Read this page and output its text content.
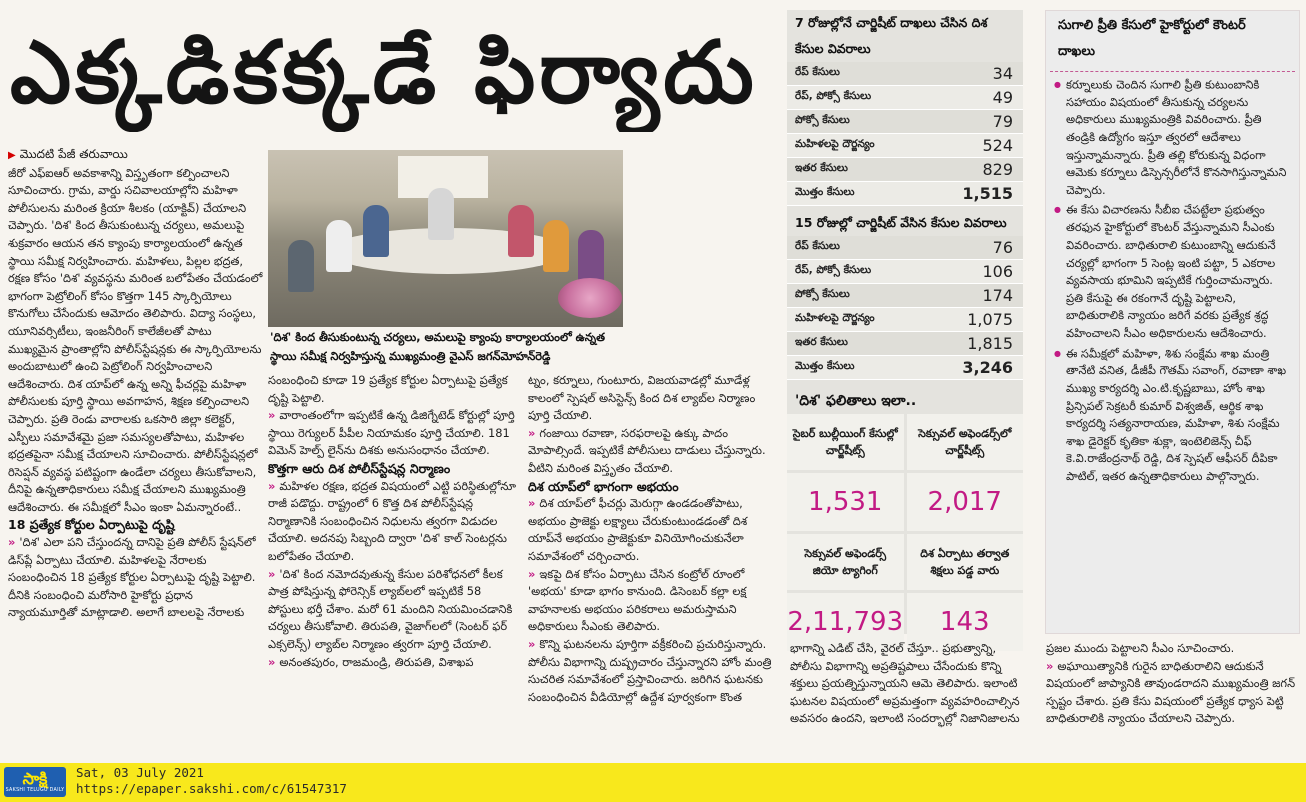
ఎక్కడికక్కడే ఫిర్యాదు

▶ మొదటి పేజీ తరువాయి

జీరో ఎఫ్ఐఆర్ అవకాశాన్ని విస్తృతంగా కల్పించాలని సూచించారు. గ్రామ, వార్డు సచివాలయాల్లోని మహిళా పోలీసులను మరింత క్రియా శీలకం (యాక్టివ్) చేయాలని చెప్పారు. 'దిశ' కింద తీసుకుంటున్న చర్యలు, అమలుపై శుక్రవారం ఆయన తన క్యాంపు కార్యాలయంలో ఉన్నత స్థాయి సమీక్ష నిర్వహించారు. మహిళలు, పిల్లల భద్రత, రక్షణ కోసం 'దిశ' వ్యవస్థను మరింత బలోపేతం చేయడంలో భాగంగా పెట్రోలింగ్ కోసం కొత్తగా 145 స్కార్పియోలు కొనుగోలు చేసేందుకు ఆమోదం తెలిపారు. విద్యా సంస్థలు, యూనివర్సిటీలు, ఇంజనీరింగ్ కాలేజీలతో పాటు ముఖ్యమైన ప్రాంతాల్లోని పోలీస్‌స్టేషన్లకు ఈ స్కార్పియోలను అందుబాటులో ఉంచి పెట్రోలింగ్ నిర్వహించాలని ఆదేశించారు. దిశ యాప్‌లో ఉన్న అన్ని ఫీచర్లపై మహిళా పోలీసులకు పూర్తి స్థాయి అవగాహన, శిక్షణ కల్పించాలని చెప్పారు. ప్రతి రెండు వారాలకు ఒకసారి జిల్లా కలెక్టర్, ఎస్పీలు సమావేశమై ప్రజా సమస్యలతోపాటు, మహిళల భద్రతపైనా సమీక్ష చేయాలని సూచించారు. పోలీస్‌స్టేషన్లలో రిసెప్షన్ వ్యవస్థ పటిష్టంగా ఉండేలా చర్యలు తీసుకోవాలని, దీనిపై ఉన్నతాధికారులు సమీక్ష చేయాలని ముఖ్యమంత్రి ఆదేశించారు. ఈ సమీక్షలో సీఎం ఇంకా ఏమన్నారంటే..

18 ప్రత్యేక కోర్టుల ఏర్పాటుపై దృష్టి

» 'దిశ' ఎలా పని చేస్తుందన్న దానిపై ప్రతి పోలీస్ స్టేషన్‌లో డిస్‌ప్లే ఏర్పాటు చేయాలి. మహిళలపై నేరాలకు సంబంధించిన 18 ప్రత్యేక కోర్టుల ఏర్పాటుపై దృష్టి పెట్టాలి. దీనికి సంబంధించి మరోసారి హైకోర్టు ప్రధాన న్యాయమూర్తితో మాట్లాడాలి. అలాగే బాలలపై నేరాలకు

'దిశ' కింద తీసుకుంటున్న చర్యలు, అమలుపై క్యాంపు కార్యాలయంలో ఉన్నత స్థాయి సమీక్ష నిర్వహిస్తున్న ముఖ్యమంత్రి వైఎస్ జగన్‌మోహన్‌రెడ్డి

సంబంధించి కూడా 19 ప్రత్యేక కోర్టుల ఏర్పాటుపై ప్రత్యేక దృష్టి పెట్టాలి.

» వారాంతంలోగా ఇప్పటికే ఉన్న డిజిగ్నేటెడ్ కోర్టుల్లో పూర్తి స్థాయి రెగ్యులర్ పీపీల నియామకం పూర్తి చేయాలి. 181 విమెన్ హెల్ప్ లైన్‌ను దిశకు అనుసంధానం చేయాలి.

కొత్తగా ఆరు దిశ పోలీస్‌స్టేషన్ల నిర్మాణం

» మహిళల రక్షణ, భద్రత విషయంలో ఎట్టి పరిస్థితుల్లోనూ రాజీ పడొద్దు. రాష్ట్రంలో 6 కొత్త దిశ పోలీస్‌స్టేషన్ల నిర్మాణానికి సంబంధించిన నిధులను త్వరగా విడుదల చేయాలి. అదనపు సిబ్బంది ద్వారా 'దిశ' కాల్ సెంటర్లను బలోపేతం చేయాలి.

» 'దిశ' కింద నమోదవుతున్న కేసుల పరిశోధనలో కీలక పాత్ర పోషిస్తున్న ఫోరెన్సిక్ ల్యాబ్‌లలో ఇప్పటికే 58 పోస్టులు భర్తీ చేశాం. మరో 61 మందిని నియమించడానికి చర్యలు తీసుకోవాలి. తిరుపతి, వైజాగ్‌లలో (సెంటర్ ఫర్ ఎక్సలెన్స్) ల్యాబ్‌ల నిర్మాణం త్వరగా పూర్తి చేయాలి.

» అనంతపురం, రాజమండ్రి, తిరుపతి, విశాఖప

ట్నం, కర్నూలు, గుంటూరు, విజయవాడల్లో మూడేళ్ల కాలంలో స్పెషల్ అసిస్టెన్స్ కింద దిశ ల్యాబ్‌ల నిర్మాణం పూర్తి చేయాలి.

» గంజాయి రవాణా, సరఫరాలపై ఉక్కు పాదం మోపాల్సిందే. ఇప్పటికే పోలీసులు దాడులు చేస్తున్నారు. వీటిని మరింత విస్తృతం చేయాలి.

దిశ యాప్‌లో భాగంగా అభయం

» దిశ యాప్‌లో ఫీచర్లు మెరుగ్గా ఉండడంతోపాటు, అభయం ప్రాజెక్టు లక్ష్యాలు చేరుకుంటుండడంతో దిశ యాప్‌నే అభయం ప్రాజెక్టుకూ వినియోగించుకునేలా సమావేశంలో చర్చించారు.

» ఇకపై దిశ కోసం ఏర్పాటు చేసిన కంట్రోల్ రూంలో 'అభయ' కూడా భాగం కానుంది. డిసెంబర్ కల్లా లక్ష వాహనాలకు అభయం పరికరాలు అమరుస్తామని అధికారులు సీఎంకు తెలిపారు.

» కొన్ని ఘటనలను పూర్తిగా వక్రీకరించి ప్రచురిస్తున్నారు. పోలీసు విభాగాన్ని దుష్ప్రచారం చేస్తున్నారని హోం మంత్రి సుచరిత సమావేశంలో ప్రస్తావించారు. జరిగిన ఘటనకు సంబంధించిన వీడియోల్లో ఉద్దేశ పూర్వకంగా కొంత

7 రోజుల్లోనే చార్జిషీట్ దాఖలు చేసిన దిశ కేసుల వివరాలు
రేప్ కేసులు	34
రేప్, పోక్సో కేసులు	49
పోక్సో కేసులు	79
మహిళలపై దౌర్జన్యం	524
ఇతర కేసులు	829
మొత్తం కేసులు	1,515
15 రోజుల్లో చార్జిషీట్ వేసిన కేసుల వివరాలు
రేప్ కేసులు	76
రేప్, పోక్సో కేసులు	106
పోక్సో కేసులు	174
మహిళలపై దౌర్జన్యం	1,075
ఇతర కేసులు	1,815
మొత్తం కేసులు	3,246
'దిశ' ఫలితాలు ఇలా..
సైబర్ బుల్లీయింగ్ కేసుల్లో చార్జ్‌షీట్స్
సెక్సువల్ అఫెండర్స్‌లో చార్జ్‌షీట్స్
1,531 2,017
సెక్సువల్ అఫెండర్స్ జియో ట్యాగింగ్
దిశ ఏర్పాటు తర్వాత శిక్షలు పడ్డ వారు
2,11,793 143

భాగాన్ని ఎడిట్ చేసి, వైరల్ చేస్తూ.. ప్రభుత్వాన్ని, పోలీసు విభాగాన్ని అప్రతిష్టపాలు చేసేందుకు కొన్ని శక్తులు ప్రయత్నిస్తున్నాయని ఆమె తెలిపారు. ఇలాంటి ఘటనల విషయంలో అప్రమత్తంగా వ్యవహరించాల్సిన అవసరం ఉందని, ఇలాంటి సందర్భాల్లో నిజానిజాలను

సుగాలి ప్రీతి కేసులో హైకోర్టులో కౌంటర్ దాఖలు

● కర్నూలుకు చెందిన సుగాలి ప్రీతి కుటుంబానికి సహాయం విషయంలో తీసుకున్న చర్యలను అధికారులు ముఖ్యమంత్రికి వివరించారు. ప్రీతి తండ్రికి ఉద్యోగం ఇస్తూ త్వరలో ఆదేశాలు ఇస్తున్నామన్నారు. ప్రీతి తల్లి కోరుకున్న విధంగా ఆమెకు కర్నూలు డిస్పెన్సరీలోనే కొనసాగిస్తున్నామని చెప్పారు.

● ఈ కేసు విచారణను సీబీఐ చేపట్టేలా ప్రభుత్వం తరఫున హైకోర్టులో కౌంటర్ వేస్తున్నామని సీఎంకు వివరించారు. బాధితురాలి కుటుంబాన్ని ఆదుకునే చర్యల్లో భాగంగా 5 సెంట్ల ఇంటి పట్టా, 5 ఎకరాల వ్యవసాయ భూమిని ఇప్పటికే గుర్తించామన్నారు. ప్రతి కేసుపై ఈ రకంగానే దృష్టి పెట్టాలని, బాధితురాలికి న్యాయం జరిగే వరకు ప్రత్యేక శ్రద్ధ వహించాలని సీఎం అధికారులను ఆదేశించారు.

● ఈ సమీక్షలో మహిళా, శిశు సంక్షేమ శాఖ మంత్రి తానేటి వనిత, డీజీపీ గౌతమ్ సవాంగ్, రవాణా శాఖ ముఖ్య కార్యదర్శి ఎం.టి.కృష్ణబాబు, హోం శాఖ ప్రిన్సిపల్ సెక్రటరీ కుమార్ విశ్వజిత్, ఆర్థిక శాఖ కార్యదర్శి సత్యనారాయణ, మహిళా, శిశు సంక్షేమ శాఖ డైరెక్టర్ కృతికా శుక్లా, ఇంటెలిజెన్స్ చీఫ్ కె.వి.రాజేంద్రనాథ్ రెడ్డి, దిశ స్పెషల్ ఆఫీసర్ దీపికా పాటిల్, ఇతర ఉన్నతాధికారులు పాల్గొన్నారు.

ప్రజల ముందు పెట్టాలని సీఎం సూచించారు.

» అఘాయిత్యానికి గురైన బాధితురాలిని ఆదుకునే విషయంలో జాప్యానికి తావుండరాదని ముఖ్యమంత్రి జగన్ స్పష్టం చేశారు. ప్రతి కేసు విషయంలో ప్రత్యేక ధ్యాస పెట్టి బాధితురాలికి న్యాయం చేయాలని చెప్పారు.

సాక్షి
SAKSHI TELUGU DAILY
Sat, 03 July 2021
https://epaper.sakshi.com/c/61547317
